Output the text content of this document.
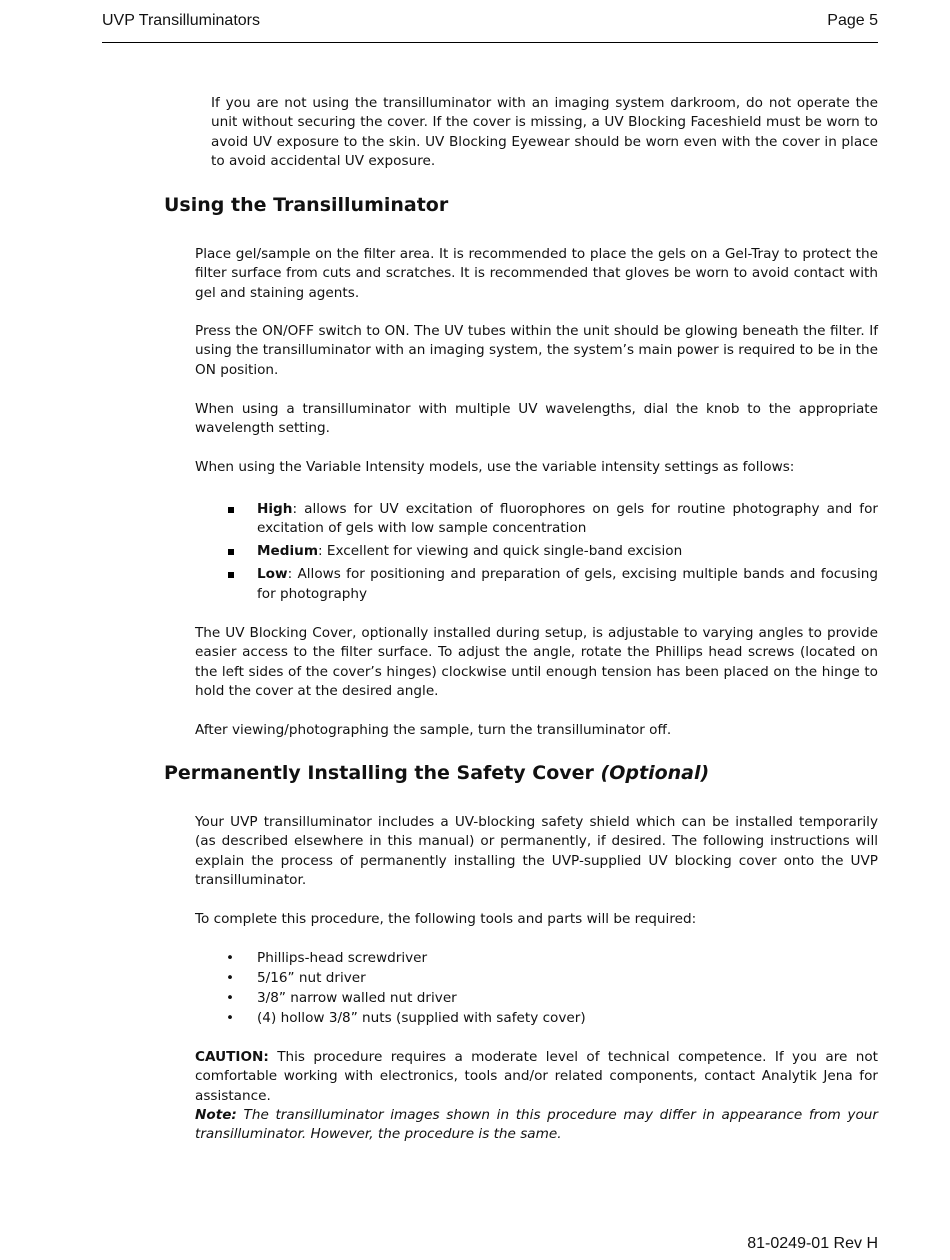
UVP Transilluminators	Page 5

If you are not using the transilluminator with an imaging system darkroom, do not operate the unit without securing the cover. If the cover is missing, a UV Blocking Faceshield must be worn to avoid UV exposure to the skin. UV Blocking Eyewear should be worn even with the cover in place to avoid accidental UV exposure.

Using the Transilluminator

Place gel/sample on the filter area. It is recommended to place the gels on a Gel-Tray to protect the filter surface from cuts and scratches. It is recommended that gloves be worn to avoid contact with gel and staining agents.

Press the ON/OFF switch to ON. The UV tubes within the unit should be glowing beneath the filter. If using the transilluminator with an imaging system, the system’s main power is required to be in the ON position.

When using a transilluminator with multiple UV wavelengths, dial the knob to the appropriate wavelength setting.

When using the Variable Intensity models, use the variable intensity settings as follows:

High: allows for UV excitation of fluorophores on gels for routine photography and for excitation of gels with low sample concentration
Medium: Excellent for viewing and quick single-band excision
Low: Allows for positioning and preparation of gels, excising multiple bands and focusing for photography

The UV Blocking Cover, optionally installed during setup, is adjustable to varying angles to provide easier access to the filter surface. To adjust the angle, rotate the Phillips head screws (located on the left sides of the cover’s hinges) clockwise until enough tension has been placed on the hinge to hold the cover at the desired angle.

After viewing/photographing the sample, turn the transilluminator off.

Permanently Installing the Safety Cover (Optional)

Your UVP transilluminator includes a UV-blocking safety shield which can be installed temporarily (as described elsewhere in this manual) or permanently, if desired. The following instructions will explain the process of permanently installing the UVP-supplied UV blocking cover onto the UVP transilluminator.

To complete this procedure, the following tools and parts will be required:

• Phillips-head screwdriver
• 5/16” nut driver
• 3/8” narrow walled nut driver
• (4) hollow 3/8” nuts (supplied with safety cover)

CAUTION: This procedure requires a moderate level of technical competence. If you are not comfortable working with electronics, tools and/or related components, contact Analytik Jena for assistance.

Note: The transilluminator images shown in this procedure may differ in appearance from your transilluminator. However, the procedure is the same.

81-0249-01 Rev H
